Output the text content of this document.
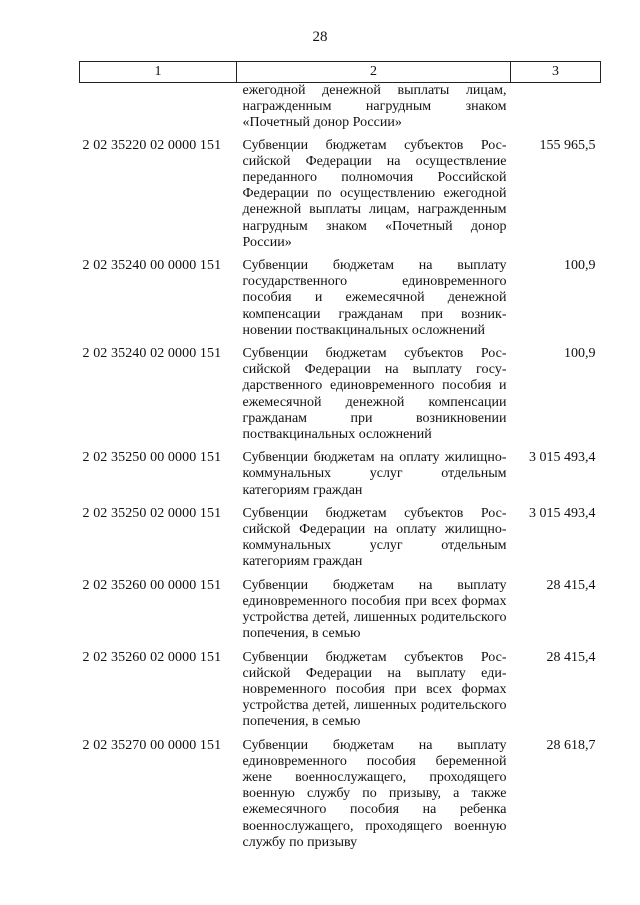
28
1	2	3
	ежегодной денежной выплаты лицам, награжденным нагрудным знаком «Почетный донор России»	
2 02 35220 02 0000 151	Субвенции бюджетам субъектов Российской Федерации на осуществление переданного полномочия Российской Федерации по осуществлению ежегодной денежной выплаты лицам, награжденным нагрудным знаком «Почетный донор России»	155 965,5
2 02 35240 00 0000 151	Субвенции бюджетам на выплату государственного единовременного пособия и ежемесячной денежной компенсации гражданам при возникновении поствакцинальных осложнений	100,9
2 02 35240 02 0000 151	Субвенции бюджетам субъектов Российской Федерации на выплату государственного единовременного пособия и ежемесячной денежной компенсации гражданам при возникновении поствакцинальных осложнений	100,9
2 02 35250 00 0000 151	Субвенции бюджетам на оплату жилищно-коммунальных услуг отдельным категориям граждан	3 015 493,4
2 02 35250 02 0000 151	Субвенции бюджетам субъектов Российской Федерации на оплату жилищно-коммунальных услуг отдельным категориям граждан	3 015 493,4
2 02 35260 00 0000 151	Субвенции бюджетам на выплату единовременного пособия при всех формах устройства детей, лишенных родительского попечения, в семью	28 415,4
2 02 35260 02 0000 151	Субвенции бюджетам субъектов Российской Федерации на выплату единовременного пособия при всех формах устройства детей, лишенных родительского попечения, в семью	28 415,4
2 02 35270 00 0000 151	Субвенции бюджетам на выплату единовременного пособия беременной жене военнослужащего, проходящего военную службу по призыву, а также ежемесячного пособия на ребенка военнослужащего, проходящего военную службу по призыву	28 618,7
